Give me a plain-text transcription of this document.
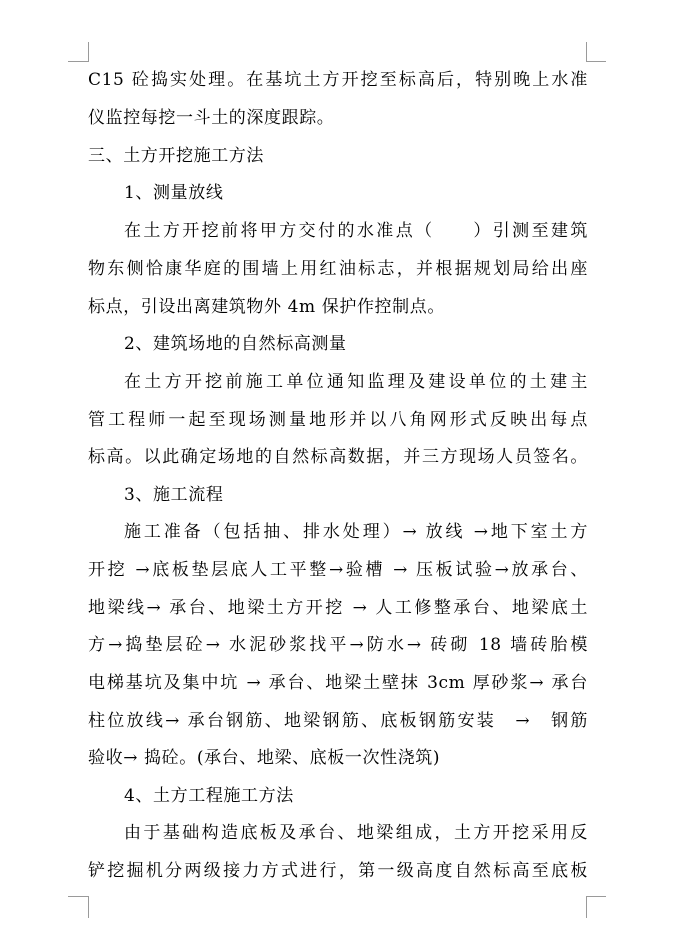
C15 砼捣实处理。在基坑土方开挖至标高后，特别晚上水准
仪监控每挖一斗土的深度跟踪。
三、土方开挖施工方法
1、测量放线
在土方开挖前将甲方交付的水准点（　　）引测至建筑
物东侧恰康华庭的围墙上用红油标志，并根据规划局给出座
标点，引设出离建筑物外 4m 保护作控制点。
2、建筑场地的自然标高测量
在土方开挖前施工单位通知监理及建设单位的土建主
管工程师一起至现场测量地形并以八角网形式反映出每点
标高。以此确定场地的自然标高数据，并三方现场人员签名。
3、施工流程
施工准备（包括抽、排水处理）→ 放线 →地下室土方
开挖 →底板垫层底人工平整→验槽 → 压板试验→放承台、
地梁线→ 承台、地梁土方开挖 → 人工修整承台、地梁底土
方→捣垫层砼→ 水泥砂浆找平→防水→ 砖砌 18 墙砖胎模
电梯基坑及集中坑 → 承台、地梁土壁抹 3cm 厚砂浆→ 承台
柱位放线→ 承台钢筋、地梁钢筋、底板钢筋安装　→　钢筋
验收→ 捣砼。(承台、地梁、底板一次性浇筑)
4、土方工程施工方法
由于基础构造底板及承台、地梁组成，土方开挖采用反
铲挖掘机分两级接力方式进行，第一级高度自然标高至底板
